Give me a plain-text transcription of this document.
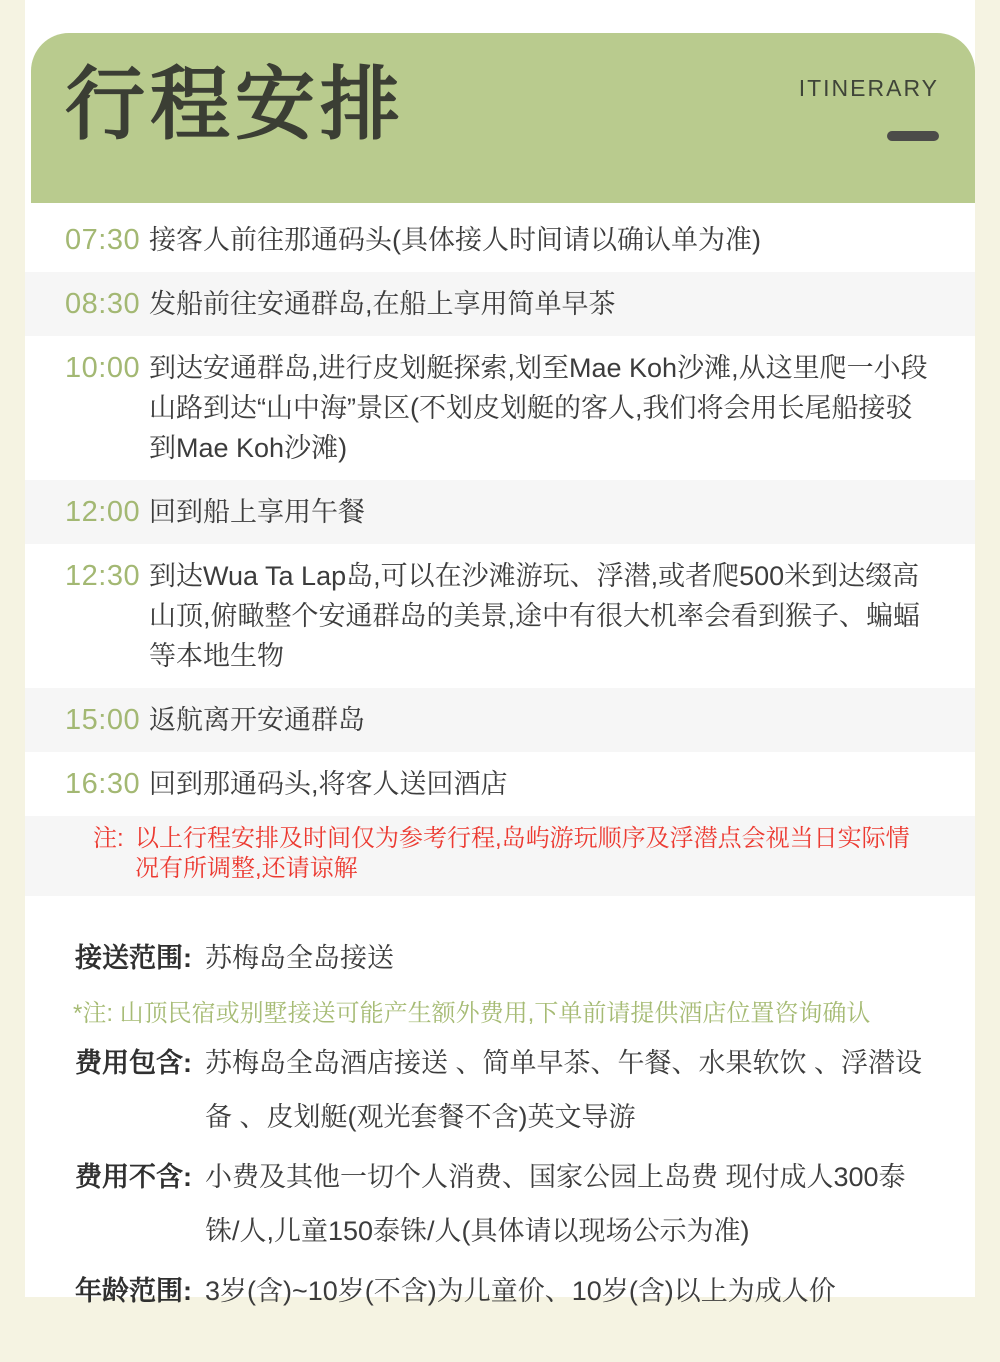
行程安排	ITINERARY
07:30 接客人前往那通码头(具体接人时间请以确认单为准)
08:30 发船前往安通群岛,在船上享用简单早茶
10:00 到达安通群岛,进行皮划艇探索,划至Mae Koh沙滩,从这里爬一小段山路到达“山中海”景区(不划皮划艇的客人,我们将会用长尾船接驳到Mae Koh沙滩)
12:00 回到船上享用午餐
12:30 到达Wua Ta Lap岛,可以在沙滩游玩、浮潜,或者爬500米到达缀高山顶,俯瞰整个安通群岛的美景,途中有很大机率会看到猴子、蝙蝠等本地生物
15:00 返航离开安通群岛
16:30 回到那通码头,将客人送回酒店
注: 以上行程安排及时间仅为参考行程,岛屿游玩顺序及浮潜点会视当日实际情况有所调整,还请谅解
接送范围: 苏梅岛全岛接送
*注: 山顶民宿或别墅接送可能产生额外费用,下单前请提供酒店位置咨询确认
费用包含: 苏梅岛全岛酒店接送 、简单早茶、午餐、水果软饮 、浮潜设备 、皮划艇(观光套餐不含)英文导游
费用不含: 小费及其他一切个人消费、国家公园上岛费 现付成人300泰铢/人,儿童150泰铢/人(具体请以现场公示为准)
年龄范围: 3岁(含)~10岁(不含)为儿童价、10岁(含)以上为成人价
